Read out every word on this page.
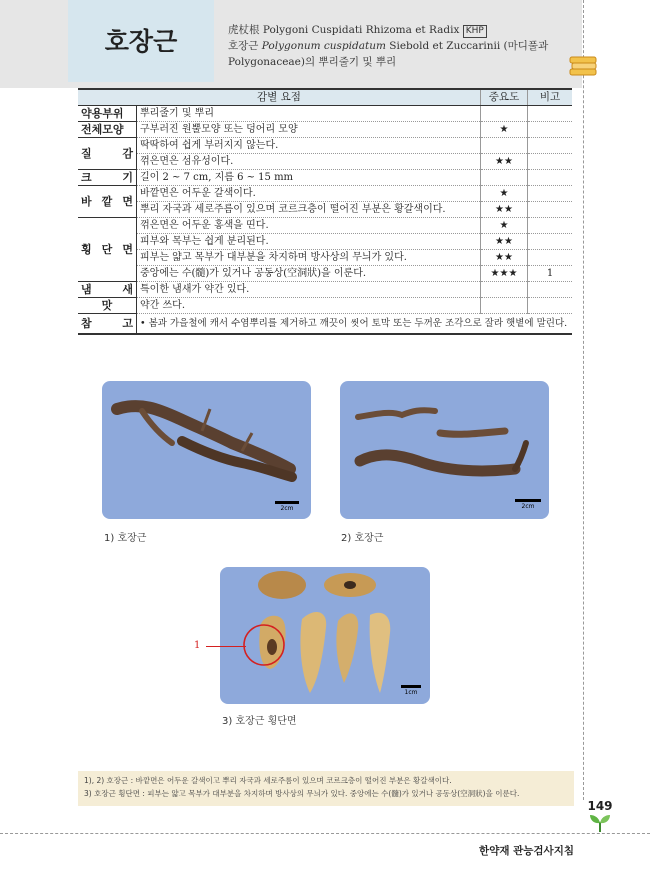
호장근	虎杖根 Polygoni Cuspidati Rhizoma et Radix KHP
호장근 Polygonum cuspidatum Siebold et Zuccarinii (마디풀과
Polygonaceae)의 뿌리줄기 및 뿌리
감별 요점		중요도	비고
약용부위	뿌리줄기 및 뿌리		
전체모양	구부러진 원뿔모양 또는 덩어리 모양	★	
질　감	딱딱하여 쉽게 부러지지 않는다.		
	꺾은면은 섬유성이다.	★★	
크　기	길이 2 ~ 7 cm, 지름 6 ~ 15 mm		
바 깥 면	바깥면은 어두운 갈색이다.	★	
	뿌리 자국과 세로주름이 있으며 코르크층이 떨어진 부분은 황갈색이다.	★★	
횡 단 면	꺾은면은 어두운 홍색을 띤다.	★	
	피부와 목부는 쉽게 분리된다.	★★	
	피부는 얇고 목부가 대부분을 차지하며 방사상의 무늬가 있다.	★★	
	중앙에는 수(髓)가 있거나 공동상(空洞狀)을 이룬다.	★★★	1
냄　새	특이한 냄새가 약간 있다.		
맛	약간 쓰다.		
참　고	• 봄과 가을철에 캐서 수염뿌리를 제거하고 깨끗이 씻어 토막 또는 두꺼운 조각으로 잘라 햇볕에 말린다.		
2cm
1) 호장근
2cm
2) 호장근
1cm
1
3) 호장근 횡단면
1), 2) 호장근 : 바깥면은 어두운 갈색이고 뿌리 자국과 세로주름이 있으며 코르크층이 떨어진 부분은 황갈색이다.
3) 호장근 횡단면 : 피부는 얇고 목부가 대부분을 차지하며 방사상의 무늬가 있다. 중앙에는 수(髓)가 있거나 공동상(空洞狀)을 이룬다.
149
한약재 관능검사지침
